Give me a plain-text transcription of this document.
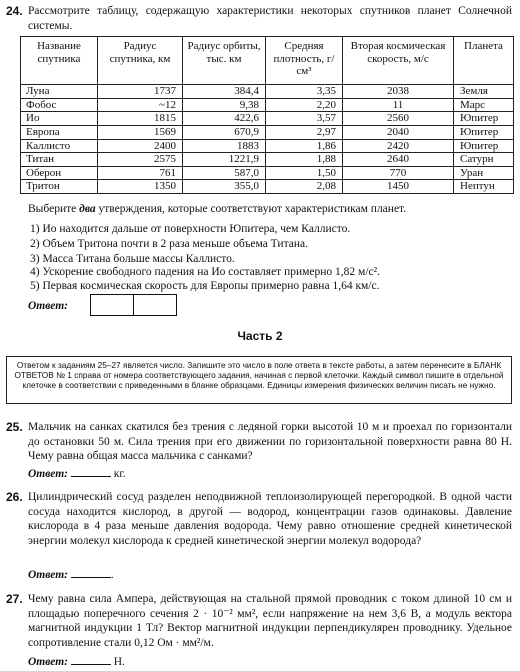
24. Рассмотрите таблицу, содержащую характеристики некоторых спутников планет Солнечной системы.
Название спутника	Радиус спутника, км	Радиус орбиты, тыс. км	Средняя плотность, г/см³	Вторая космическая скорость, м/с	Планета
Луна	1737	384,4	3,35	2038	Земля
Фобос	~12	9,38	2,20	11	Марс
Ио	1815	422,6	3,57	2560	Юпитер
Европа	1569	670,9	2,97	2040	Юпитер
Каллисто	2400	1883	1,86	2420	Юпитер
Титан	2575	1221,9	1,88	2640	Сатурн
Оберон	761	587,0	1,50	770	Уран
Тритон	1350	355,0	2,08	1450	Нептун
Выберите два утверждения, которые соответствуют характеристикам планет.
1) Ио находится дальше от поверхности Юпитера, чем Каллисто.
2) Объем Тритона почти в 2 раза меньше объема Титана.
3) Масса Титана больше массы Каллисто.
4) Ускорение свободного падения на Ио составляет примерно 1,82 м/с².
5) Первая космическая скорость для Европы примерно равна 1,64 км/с.
Ответ:
Часть 2
Ответом к заданиям 25–27 является число. Запишите это число в поле ответа в тексте работы, а затем перенесите в БЛАНК ОТВЕТОВ № 1 справа от номера соответствующего задания, начиная с первой клеточки. Каждый символ пишите в отдельной клеточке в соответствии с приведенными в бланке образцами. Единицы измерения физических величин писать не нужно.
25. Мальчик на санках скатился без трения с ледяной горки высотой 10 м и проехал по горизонтали до остановки 50 м. Сила трения при его движении по горизонтальной поверхности равна 80 Н. Чему равна общая масса мальчика с санками?
Ответ:	кг.
26. Цилиндрический сосуд разделен неподвижной теплоизолирующей перегородкой. В одной части сосуда находится кислород, в другой — водород, концентрации газов одинаковы. Давление кислорода в 4 раза меньше давления водорода. Чему равно отношение средней кинетической энергии молекул кислорода к средней кинетической энергии молекул водорода?
Ответ:	.
27. Чему равна сила Ампера, действующая на стальной прямой проводник с током длиной 10 см и площадью поперечного сечения 2 · 10⁻² мм², если напряжение на нем 3,6 В, а модуль вектора магнитной индукции 1 Тл? Вектор магнитной индукции перпендикулярен проводнику. Удельное сопротивление стали 0,12 Ом · мм²/м.
Ответ:	Н.
